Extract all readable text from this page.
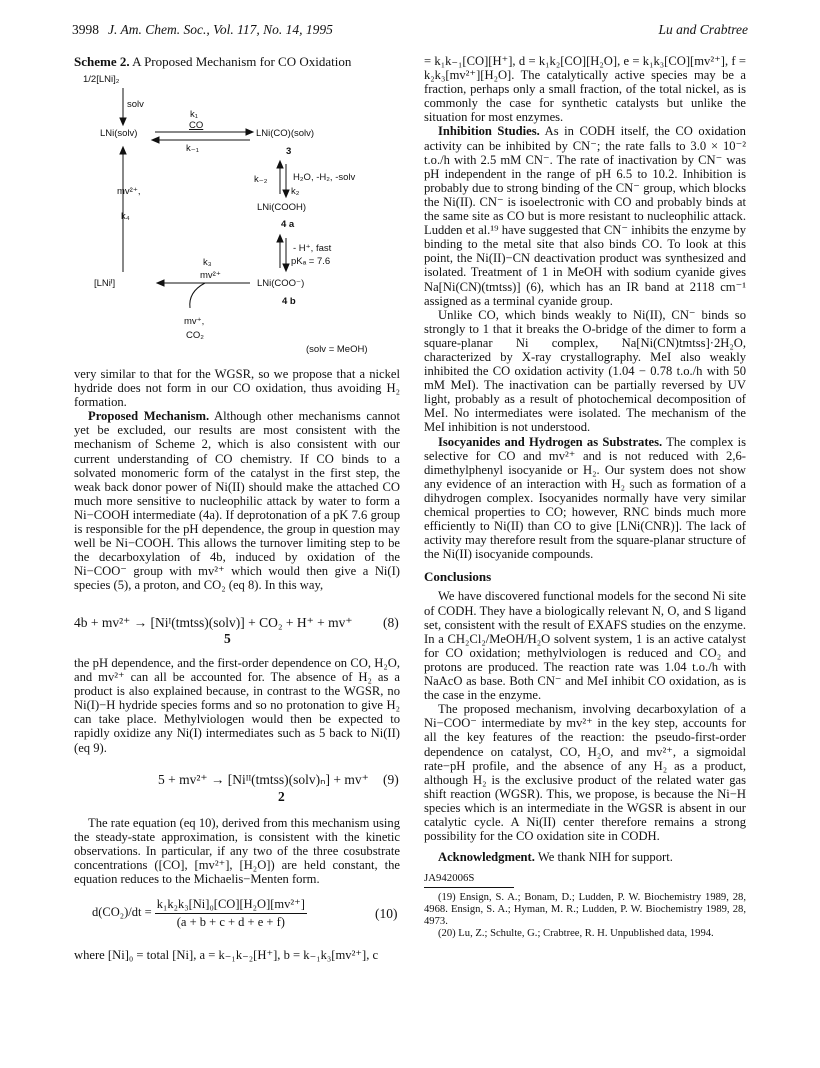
3998 J. Am. Chem. Soc., Vol. 117, No. 14, 1995	Lu and Crabtree
Scheme 2. A Proposed Mechanism for CO Oxidation
1/2[LNi]₂
solv
LNi(solv)
k₁
CO
k₋₁
LNi(CO)(solv)
3
k₋₂	H₂O, -H₂, -solv
k₂
LNi(COOH)
4 a
- H⁺, fast
pKₐ = 7.6
k₃
mv²⁺
[LNiᴵ]	LNi(COO⁻)
4 b
mv²⁺,
k₄
mv⁺,
CO₂
(solv = MeOH)

very similar to that for the WGSR, so we propose that a nickel hydride does not form in our CO oxidation, thus avoiding H₂ formation.

Proposed Mechanism. Although other mechanisms cannot yet be excluded, our results are most consistent with the mechanism of Scheme 2, which is also consistent with our current understanding of CO chemistry. If CO binds to a solvated monomeric form of the catalyst in the first step, the weak back donor power of Ni(II) should make the attached CO much more sensitive to nucleophilic attack by water to form a Ni−COOH intermediate (4a). If deprotonation of a pK 7.6 group is responsible for the pH dependence, the group in question may well be Ni−COOH. This allows the turnover limiting step to be the decarboxylation of 4b, induced by oxidation of the Ni−COO⁻ group with mv²⁺ which would then give a Ni(I) species (5), a proton, and CO₂ (eq 8). In this way,

4b + mv²⁺ → [Niᴵ(tmtss)(solv)] + CO₂ + H⁺ + mv⁺
5
(8)

the pH dependence, and the first-order dependence on CO, H₂O, and mv²⁺ can all be accounted for. The absence of H₂ as a product is also explained because, in contrast to the WGSR, no Ni(I)−H hydride species forms and so no protonation to give H₂ can take place. Methylviologen would then be expected to rapidly oxidize any Ni(I) intermediates such as 5 back to Ni(II) (eq 9).

5 + mv²⁺ → [Niᴵᴵ(tmtss)(solv)ₙ] + mv⁺
2
(9)

The rate equation (eq 10), derived from this mechanism using the steady-state approximation, is consistent with the kinetic observations. In particular, if any two of the three cosubstrate concentrations ([CO], [mv²⁺], [H₂O]) are held constant, the equation reduces to the Michaelis−Menten form.

$d(CO_2)/dt = \frac{\text{k₁k₂k₃[Ni]₀[CO][H₂O][mv²⁺]}}{(a + b + c + d + e + f)}$	(10)

where [Ni]₀ = total [Ni], a = k₋₁k₋₂[H⁺], b = k₋₁k₃[mv²⁺], c

= k₁k₋₁[CO][H⁺], d = k₁k₂[CO][H₂O], e = k₁k₃[CO][mv²⁺], f = k₂k₃[mv²⁺][H₂O]. The catalytically active species may be a fraction, perhaps only a small fraction, of the total nickel, as is commonly the case for synthetic catalysts but unlike the situation for most enzymes.

Inhibition Studies. As in CODH itself, the CO oxidation activity can be inhibited by CN⁻; the rate falls to 3.0 × 10⁻² t.o./h with 2.5 mM CN⁻. The rate of inactivation by CN⁻ was pH independent in the range of pH 6.5 to 10.2. Inhibition is probably due to strong binding of the CN⁻ group, which blocks the Ni(II). CN⁻ is isoelectronic with CO and probably binds at the same site as CO but is more resistant to nucleophilic attack. Ludden et al.¹⁹ have suggested that CN⁻ inhibits the enzyme by binding to the metal site that also binds CO. To look at this point, the Ni(II)−CN deactivation product was synthesized and isolated. Treatment of 1 in MeOH with sodium cyanide gives Na[Ni(CN)(tmtss)] (6), which has an IR band at 2118 cm⁻¹ assigned as a terminal cyanide group.

Unlike CO, which binds weakly to Ni(II), CN⁻ binds so strongly to 1 that it breaks the O-bridge of the dimer to form a square-planar Ni complex, Na[Ni(CN)tmtss]·2H₂O, characterized by X-ray crystallography. MeI also weakly inhibited the CO oxidation activity (1.04 − 0.78 t.o./h with 50 mM MeI). The inactivation can be partially reversed by UV light, probably as a result of photochemical decomposition of MeI. No intermediates were isolated. The mechanism of the MeI inhibition is not understood.

Isocyanides and Hydrogen as Substrates. The complex is selective for CO and mv²⁺ and is not reduced with 2,6-dimethylphenyl isocyanide or H₂. Our system does not show any evidence of an interaction with H₂ such as formation of a dihydrogen complex. Isocyanides normally have very similar chemical properties to CO; however, RNC binds much more efficiently to Ni(II) than CO to give [LNi(CNR)]. The lack of activity may therefore result from the square-planar structure of the Ni(II) isocyanide compounds.

Conclusions

We have discovered functional models for the second Ni site of CODH. They have a biologically relevant N, O, and S ligand set, consistent with the result of EXAFS studies on the enzyme. In a CH₂Cl₂/MeOH/H₂O solvent system, 1 is an active catalyst for CO oxidation; methylviologen is reduced and CO₂ and protons are produced. The reaction rate was 1.04 t.o./h with NaAcO as base. Both CN⁻ and MeI inhibit CO oxidation, as is the case in the enzyme.

The proposed mechanism, involving decarboxylation of a Ni−COO⁻ intermediate by mv²⁺ in the key step, accounts for all the key features of the reaction: the pseudo-first-order dependence on catalyst, CO, H₂O, and mv²⁺, a sigmoidal rate−pH profile, and the absence of any H₂ as a product, although H₂ is the exclusive product of the related water gas shift reaction (WGSR). This, we propose, is because the Ni−H species which is an intermediate in the WGSR is absent in our catalytic cycle. A Ni(II) center therefore remains a strong possibility for the CO oxidation site in CODH.

Acknowledgment. We thank NIH for support.

JA942006S

(19) Ensign, S. A.; Bonam, D.; Ludden, P. W. Biochemistry 1989, 28, 4968. Ensign, S. A.; Hyman, M. R.; Ludden, P. W. Biochemistry 1989, 28, 4973.

(20) Lu, Z.; Schulte, G.; Crabtree, R. H. Unpublished data, 1994.
